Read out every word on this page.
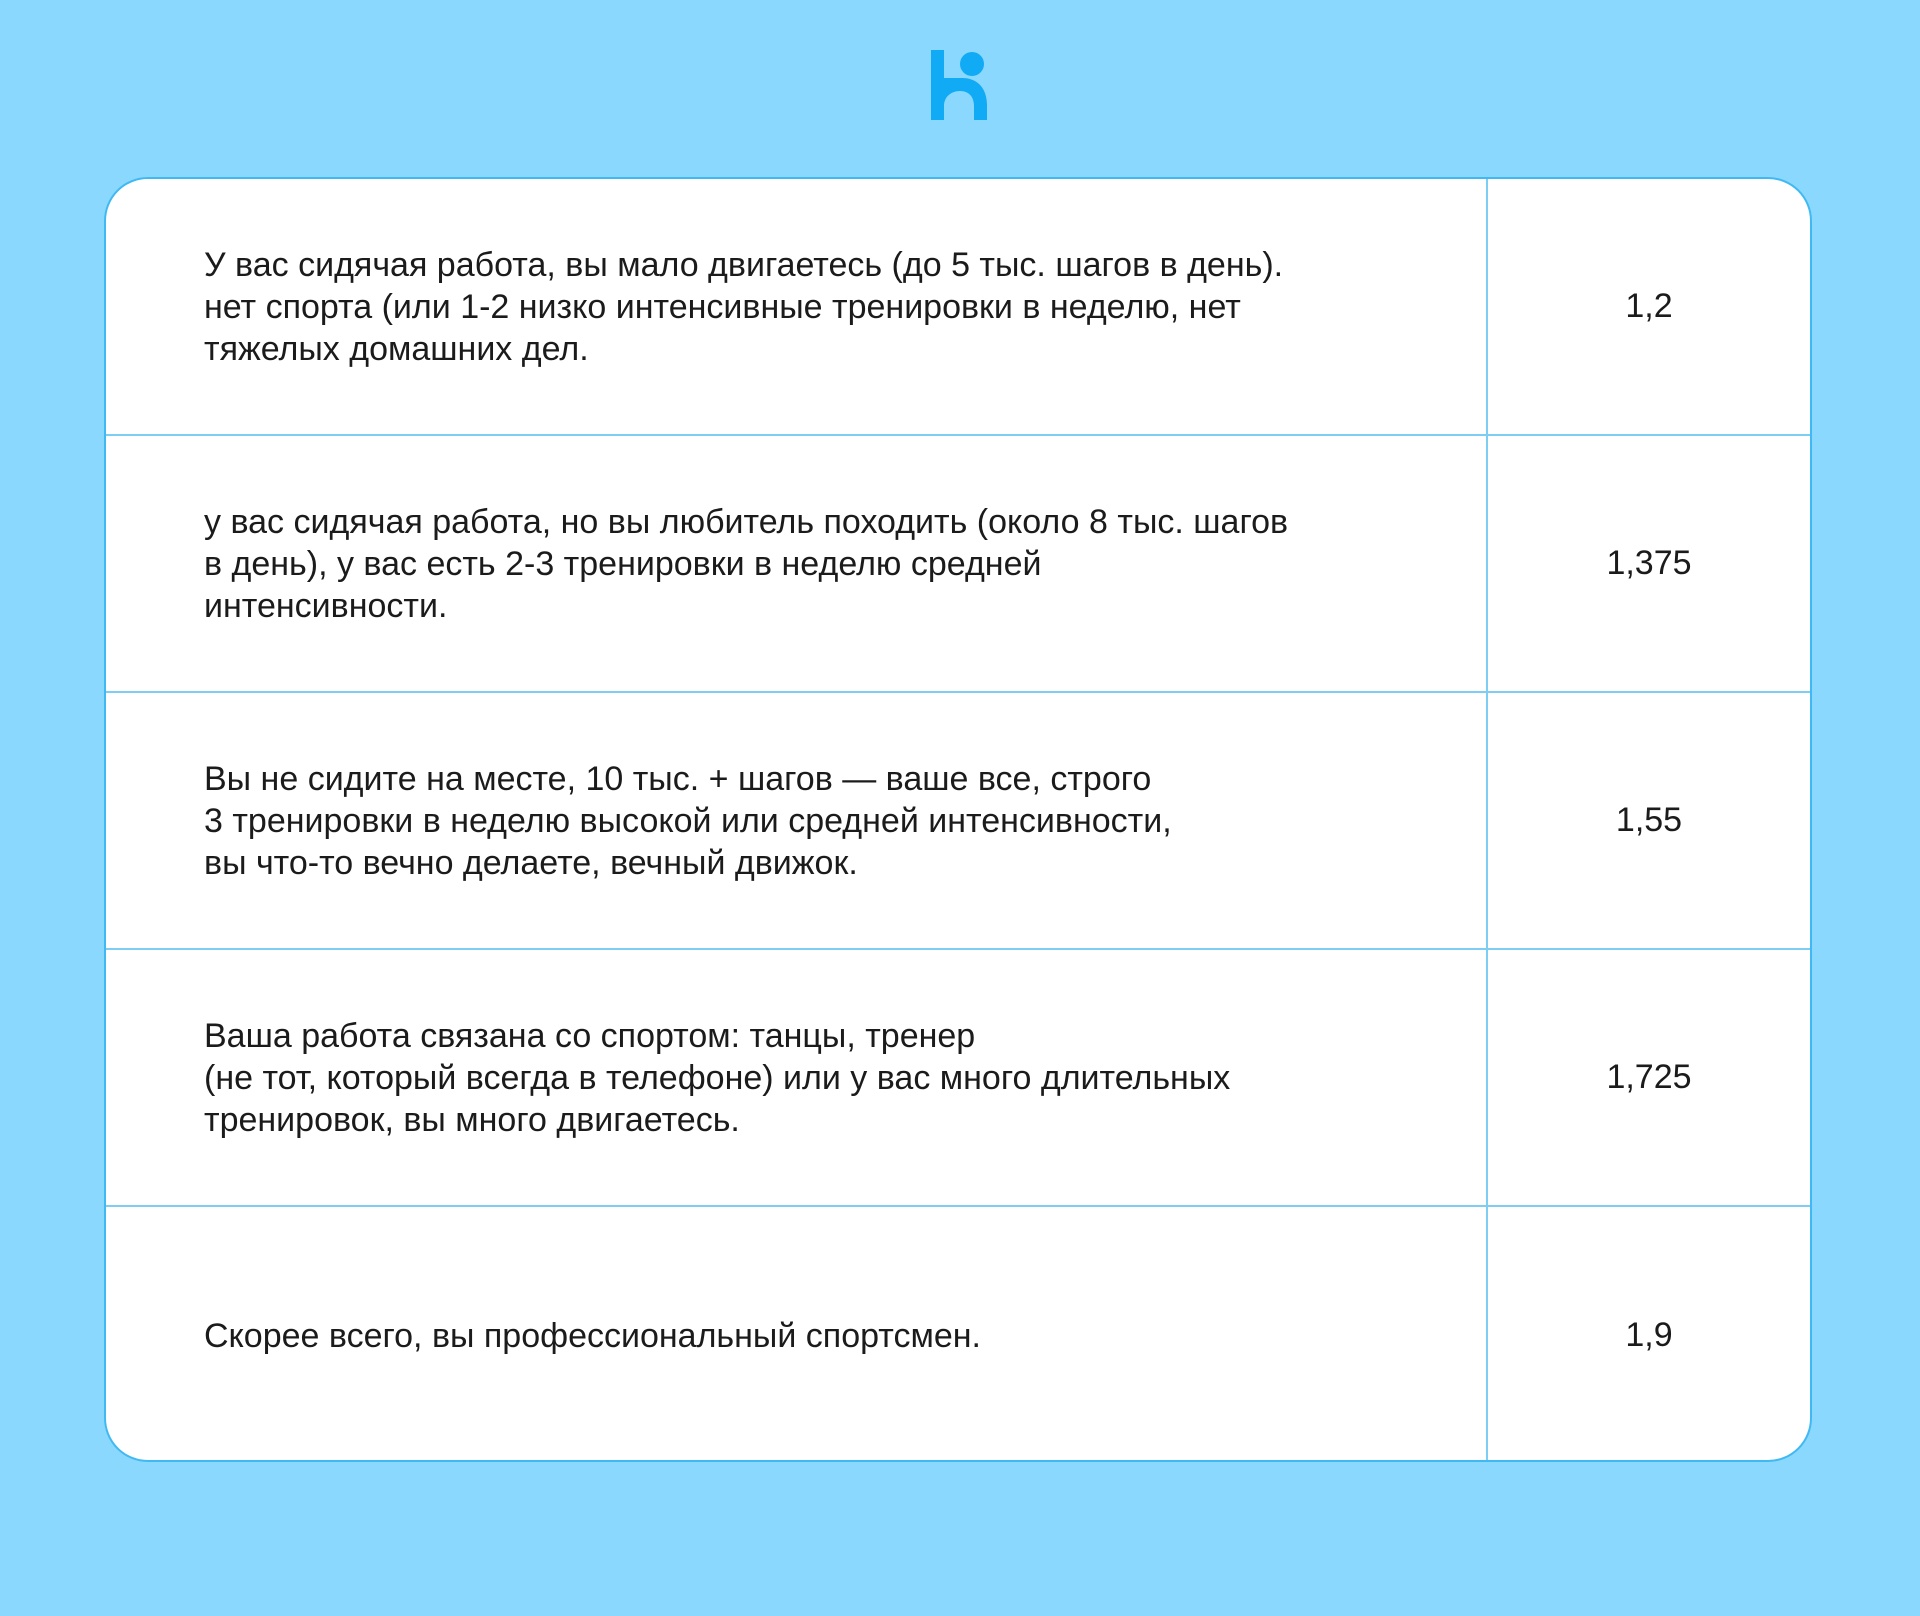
У вас сидячая работа, вы мало двигаетесь (до 5 тыс. шагов в день).
нет спорта (или 1-2 низко интенсивные тренировки в неделю, нет
тяжелых домашних дел.
1,2
у вас сидячая работа, но вы любитель походить (около 8 тыс. шагов
в день), у вас есть 2-3 тренировки в неделю средней
интенсивности.
1,375
Вы не сидите на месте, 10 тыс. + шагов — ваше все, строго
3 тренировки в неделю высокой или средней интенсивности,
вы что-то вечно делаете, вечный движок.
1,55
Ваша работа связана со спортом: танцы, тренер
(не тот, который всегда в телефоне) или у вас много длительных
тренировок, вы много двигаетесь.
1,725
Скорее всего, вы профессиональный спортсмен.	1,9
